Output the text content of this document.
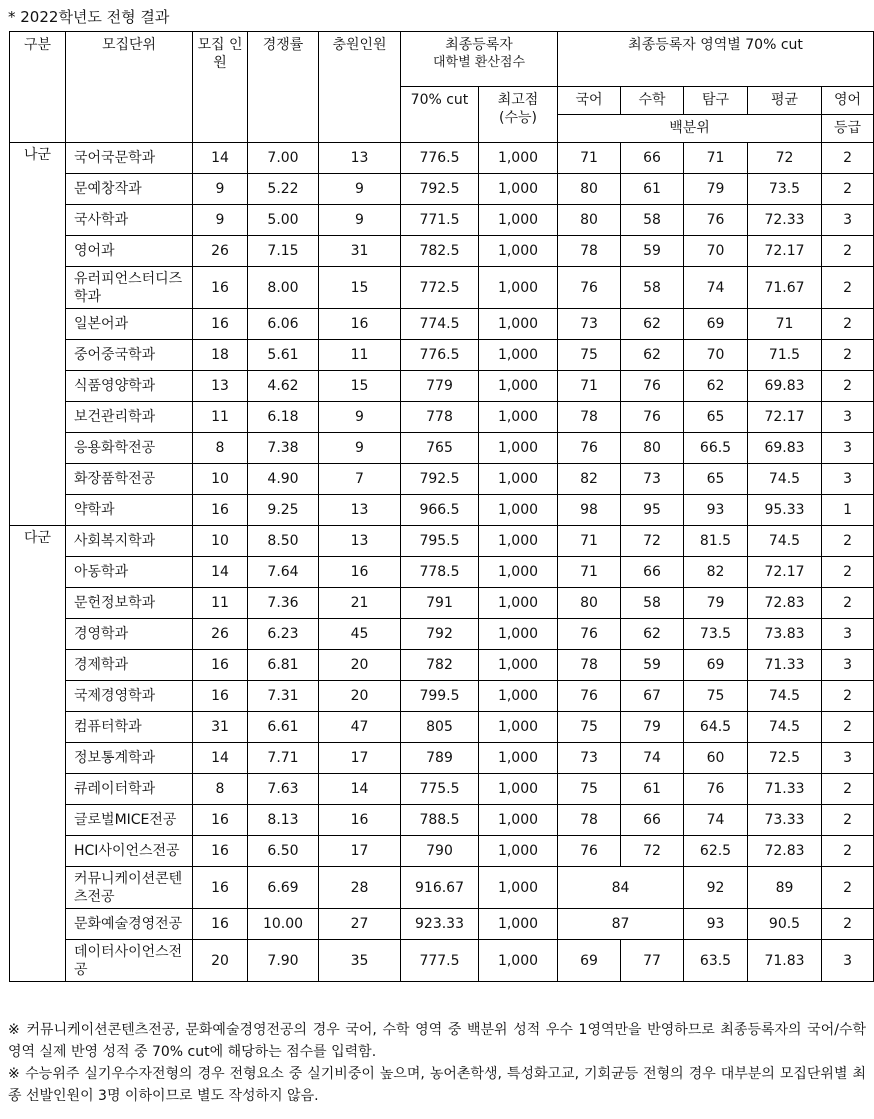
* 2022학년도 전형 결과
구분	모집단위	모집 인원	경쟁률	충원인원	최종등록자
대학별 환산점수		최종등록자 영역별 70% cut				
					70% cut	최고점
(수능)	국어	수학	탐구	평균	영어
							백분위				등급
나군	국어국문학과	14	7.00	13	776.5	1,000	71	66	71	72	2
	문예창작과	9	5.22	9	792.5	1,000	80	61	79	73.5	2
	국사학과	9	5.00	9	771.5	1,000	80	58	76	72.33	3
	영어과	26	7.15	31	782.5	1,000	78	59	70	72.17	2
	유러피언스터디즈학과	16	8.00	15	772.5	1,000	76	58	74	71.67	2
	일본어과	16	6.06	16	774.5	1,000	73	62	69	71	2
	중어중국학과	18	5.61	11	776.5	1,000	75	62	70	71.5	2
	식품영양학과	13	4.62	15	779	1,000	71	76	62	69.83	2
	보건관리학과	11	6.18	9	778	1,000	78	76	65	72.17	3
	응용화학전공	8	7.38	9	765	1,000	76	80	66.5	69.83	3
	화장품학전공	10	4.90	7	792.5	1,000	82	73	65	74.5	3
	약학과	16	9.25	13	966.5	1,000	98	95	93	95.33	1
다군	사회복지학과	10	8.50	13	795.5	1,000	71	72	81.5	74.5	2
	아동학과	14	7.64	16	778.5	1,000	71	66	82	72.17	2
	문헌정보학과	11	7.36	21	791	1,000	80	58	79	72.83	2
	경영학과	26	6.23	45	792	1,000	76	62	73.5	73.83	3
	경제학과	16	6.81	20	782	1,000	78	59	69	71.33	3
	국제경영학과	16	7.31	20	799.5	1,000	76	67	75	74.5	2
	컴퓨터학과	31	6.61	47	805	1,000	75	79	64.5	74.5	2
	정보통계학과	14	7.71	17	789	1,000	73	74	60	72.5	3
	큐레이터학과	8	7.63	14	775.5	1,000	75	61	76	71.33	2
	글로벌MICE전공	16	8.13	16	788.5	1,000	78	66	74	73.33	2
	HCI사이언스전공	16	6.50	17	790	1,000	76	72	62.5	72.83	2
	커뮤니케이션콘텐츠전공	16	6.69	28	916.67	1,000	84		92	89	2
	문화예술경영전공	16	10.00	27	923.33	1,000	87		93	90.5	2
	데이터사이언스전공	20	7.90	35	777.5	1,000	69	77	63.5	71.83	3

※ 커뮤니케이션콘텐츠전공, 문화예술경영전공의 경우 국어, 수학 영역 중 백분위 성적 우수 1영역만을 반영하므로 최종등록자의 국어/수학 영역 실제 반영 성적 중 70% cut에 해당하는 점수를 입력함.

※ 수능위주 실기우수자전형의 경우 전형요소 중 실기비중이 높으며, 농어촌학생, 특성화고교, 기회균등 전형의 경우 대부분의 모집단위별 최종 선발인원이 3명 이하이므로 별도 작성하지 않음.
